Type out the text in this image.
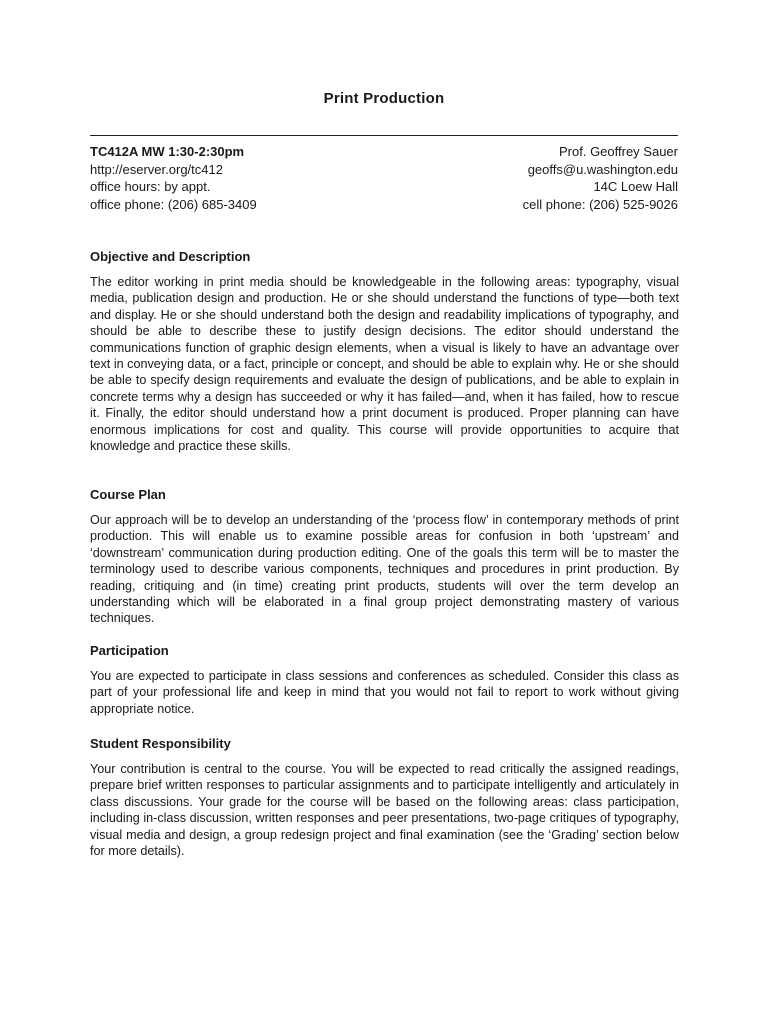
Print Production
TC412A MW 1:30-2:30pm	Prof. Geoffrey Sauer
http://eserver.org/tc412	geoffs@u.washington.edu
office hours: by appt.	14C Loew Hall
office phone: (206) 685-3409	cell phone: (206) 525-9026
Objective and Description

The editor working in print media should be knowledgeable in the following areas: typography, visual media, publication design and production. He or she should understand the functions of type—both text and display. He or she should understand both the design and readability implications of typography, and should be able to describe these to justify design decisions. The editor should understand the communications function of graphic design elements, when a visual is likely to have an advantage over text in conveying data, or a fact, principle or concept, and should be able to explain why. He or she should be able to specify design requirements and evaluate the design of publications, and be able to explain in concrete terms why a design has succeeded or why it has failed—and, when it has failed, how to rescue it. Finally, the editor should understand how a print document is produced. Proper planning can have enormous implications for cost and quality. This course will provide opportunities to acquire that knowledge and practice these skills.

Course Plan

Our approach will be to develop an understanding of the ‘process flow’ in contemporary methods of print production. This will enable us to examine possible areas for confusion in both ‘upstream’ and ‘downstream’ communication during production editing. One of the goals this term will be to master the terminology used to describe various components, techniques and procedures in print production. By reading, critiquing and (in time) creating print products, students will over the term develop an understanding which will be elaborated in a final group project demonstrating mastery of various techniques.

Participation

You are expected to participate in class sessions and conferences as scheduled. Consider this class as part of your professional life and keep in mind that you would not fail to report to work without giving appropriate notice.

Student Responsibility

Your contribution is central to the course. You will be expected to read critically the assigned readings, prepare brief written responses to particular assignments and to participate intelligently and articulately in class discussions. Your grade for the course will be based on the following areas: class participation, including in-class discussion, written responses and peer presentations, two-page critiques of typography, visual media and design, a group redesign project and final examination (see the ‘Grading’ section below for more details).
